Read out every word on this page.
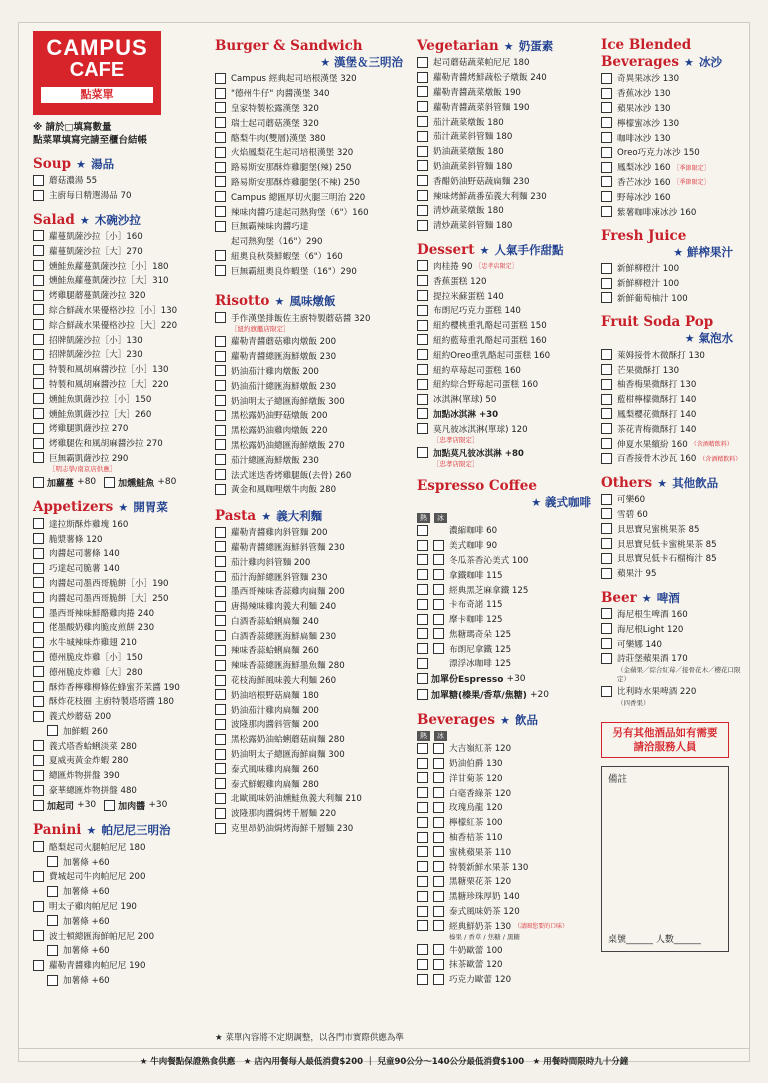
CAMPUS
CAFE
點菜單
※ 請於□填寫數量
點菜單填寫完請至櫃台結帳
Soup ★ 湯品
蘑菇濃湯 55
主廚每日精選湯品 70
Salad ★ 木碗沙拉
蘿蔓凱薩沙拉［小］160
蘿蔓凱薩沙拉［大］270
燻鮭魚蘿蔓凱薩沙拉［小］180
燻鮭魚蘿蔓凱薩沙拉［大］310
烤雞腿蘑蔓凱薩沙拉 320
綜合鮮蔬水果優格沙拉［小］130
綜合鮮蔬水果優格沙拉［大］220
招牌凱薩沙拉［小］130
招牌凱薩沙拉［大］230
特製和風胡麻醬沙拉［小］130
特製和風胡麻醬沙拉［大］220
燻鮭魚凱薩沙拉［小］150
燻鮭魚凱薩沙拉［大］260
烤雞腿凱薩沙拉 270
烤雞腿佐和風胡麻醬沙拉 270
巨無霸凱薩沙拉 290
［明志學/南京店供應］
加蘿蔓
+80 加燻鮭魚
+80
Appetizers ★ 開胃菜
達拉斯酥炸雞塊 160
脆漿薯條 120
肉醬起司薯條 140
巧達起司脆薯 140
肉醬起司墨西哥脆餅［小］190
肉醬起司墨西哥脆餅［大］250
墨西哥辣味鮮酪雞肉捲 240
佬墨酸奶雞肉脆皮煎餅 230
水牛城辣味炸雞翅 210
德州脆皮炸雞［小］150
德州脆皮炸雞［大］280
酥炸香檸雞柳條佐蜂蜜芥茉醬 190
酥炸花枝圈 主廚特製塔塔醬 180
義式炒蘑菇 200
加鮮蝦 260
義式塔香蛤蜊淡菜 280
夏威夷黃金炸蝦 280
總匯炸物拼盤 390
豪華總匯炸物拼盤 480
加起司
+30 加肉醬
+30
Panini ★ 帕尼尼三明治
酪梨起司火腿帕尼尼 180
加薯條 +60
費城起司牛肉帕尼尼 200
加薯條 +60
明太子雞肉帕尼尼 190
加薯條 +60
波士頓總匯海鮮帕尼尼 200
加薯條 +60
蘿勒青醬雞肉帕尼尼 190
加薯條 +60
Burger & Sandwich
★ 漢堡＆三明治
Campus 經典起司培根漢堡 320
"德州牛仔" 肉醬漢堡 340
皇家特製松露漢堡 320
瑞士起司蘑菇漢堡 320
酪梨牛肉(雙層)漢堡 380
火焰鳳梨花生起司培根漢堡 320
路易斯安那酥炸雞腿堡(辣) 250
路易斯安那酥炸雞腿堡(不辣) 250
Campus 總匯厚切火腿三明治 220
辣味肉醬巧達起司熱狗堡（6"）160
巨無霸辣味肉醬巧達
起司熱狗堡（16"）290
紐奧良秋葵鮮蝦堡（6"）160
巨無霸紐奧良炸蝦堡（16"）290
Risotto ★ 風味燉飯
手作漢堡排飯佐主廚特製蘑菇醬 320
［紐約旗艦店限定］
蘿勒青醬蘑菇雞肉燉飯 200
蘿勒青醬總匯海鮮燉飯 230
奶油茄汁雞肉燉飯 200
奶油茄汁總匯海鮮燉飯 230
奶油明太子總匯海鮮燉飯 300
黑松露奶油野菇燉飯 200
黑松露奶油雞肉燉飯 220
黑松露奶油總匯海鮮燉飯 270
茄汁總匯海鮮燉飯 230
法式迷迭香烤雞腿飯(去骨) 260
黃金和風咖哩燉牛肉飯 280
Pasta ★ 義大利麵
蘿勒青醬雞肉斜管麵 200
蘿勒青醬總匯海鮮斜管麵 230
茄汁雞肉斜管麵 200
茄汁海鮮總匯斜管麵 230
墨西哥辣味香蒜雞肉扁麵 200
唐揚辣味雞肉義大利麵 240
白酒香蒜蛤蜊扁麵 240
白酒香蒜總匯海鮮扁麵 230
辣味香蒜蛤蜊扁麵 260
辣味香蒜總匯海鮮墨魚麵 280
花枝海鮮風味義大利麵 260
奶油培根野菇扁麵 180
奶油茄汁雞肉扁麵 200
波隆那肉醬斜管麵 200
黑松露奶油蛤蜊蘑菇扁麵 280
奶油明太子總匯海鮮扁麵 300
泰式風味雞肉扁麵 260
泰式鮮蝦雞肉扁麵 280
北歐風味奶油燻鮭魚義大利麵 210
波隆那肉醬焗烤千層麵 220
克里昂奶油焗烤海鮮千層麵 230
Vegetarian ★ 奶蛋素
起司蘑菇蔬菜帕尼尼 180
蘿勒青醬烤鮮蔬松子燉飯 240
蘿勒青醬蔬菜燉飯 190
蘿勒青醬蔬菜斜管麵 190
茄汁蔬菜燉飯 180
茄汁蔬菜斜管麵 180
奶油蔬菜燉飯 180
奶油蔬菜斜管麵 180
香醋奶油野菇蔬扁麵 230
辣味烤鮮蔬番茄義大利麵 230
清炒蔬菜燉飯 180
清炒蔬菜斜管麵 180
Dessert ★ 人氣手作甜點
肉桂捲 90 ［忠孝店限定］
香蕉蛋糕 120
提拉米蘇蛋糕 140
布朗尼巧克力蛋糕 140
紐約櫻桃重乳酪起司蛋糕 150
紐約藍莓重乳酪起司蛋糕 160
紐約Oreo重乳酪起司蛋糕 160
紐約草莓起司蛋糕 160
紐約綜合野莓起司蛋糕 160
冰淇淋(單球) 50
加點冰淇淋 +30
莫凡彼冰淇淋(單球) 120
［忠孝店限定］
加點莫凡彼冰淇淋 +80
［忠孝店限定］
Espresso Coffee
★ 義式咖啡
熱	冰
濃縮咖啡 60
美式咖啡 90
冬瓜茶香沁美式 100
拿鐵咖啡 115
經典黑芝麻拿鐵 125
卡布奇諾 115
摩卡咖啡 125
焦糖瑪奇朵 125
布朗尼拿鐵 125
漂浮冰咖啡 125
加單份Espresso
+30
加單糖(榛果/香草/焦糖)
+20
Beverages ★ 飲品
熱	冰
大吉嶺紅茶 120
奶油伯爵 130
洋甘菊茶 120
白毫香綠茶 120
玫瑰烏龍 120
檸檬紅茶 100
柚香桔茶 110
蜜桃蘋果茶 110
特製新鮮水果茶 130
黑糖栗花茶 120
黑糖珍珠厚奶 140
泰式風味奶茶 120
經典鮮奶茶 130 （請圈您要的口味）
榛果 / 香草 / 焦糖 / 黑糖
牛奶歐蕾 100
抹茶歐蕾 120
巧克力歐蕾 120
Ice Blended
Beverages ★ 冰沙
奇異果冰沙 130
香蕉冰沙 130
蘋果冰沙 130
檸檬蜜冰沙 130
咖啡冰沙 130
Oreo巧克力冰沙 150
鳳梨冰沙 160 ［季節限定］
香芒冰沙 160 ［季節限定］
野莓冰沙 160
紫薯咖啡凍冰沙 160
Fresh Juice
★ 鮮榨果汁
新鮮柳橙汁 100
新鮮柳橙汁 100
新鮮葡萄柚汁 100
Fruit Soda Pop
★ 氣泡水
萊姆接骨木微酥打 130
芒果微酥打 130
柚香梅果微酥打 130
藍柑檸檬微酥打 140
鳳梨櫻花微酥打 140
茶花青梅微酥打 140
伸夏水果繽紛 160 （含酒精飲料）
百香接骨木沙瓦 160 （含酒精飲料）
Others ★ 其他飲品
可樂60
雪碧 60
貝思寶兒蜜桃果茶 85
貝思寶兒低卡蜜桃果茶 85
貝思寶兒低卡石榴梅汁 85
蘋果汁 95
Beer ★ 啤酒
海尼根生啤酒 160
海尼根Light 120
可樂娜 140
詩莊堡蘋果酒 170
（金蘋果／綜合紅莓／接骨花木／櫻花口限定）
比利時水果啤酒 220
（四香果）
另有其他酒品如有需要
請洽服務人員
備註
桌號______ 人數______
★ 菜單內容將不定期調整，以各門市實際供應為準
★ 牛肉餐點保證熟食供應　★ 店內用餐每人最低消費$200 ｜ 兒童90公分～140公分最低消費$100　★ 用餐時間限時九十分鐘
